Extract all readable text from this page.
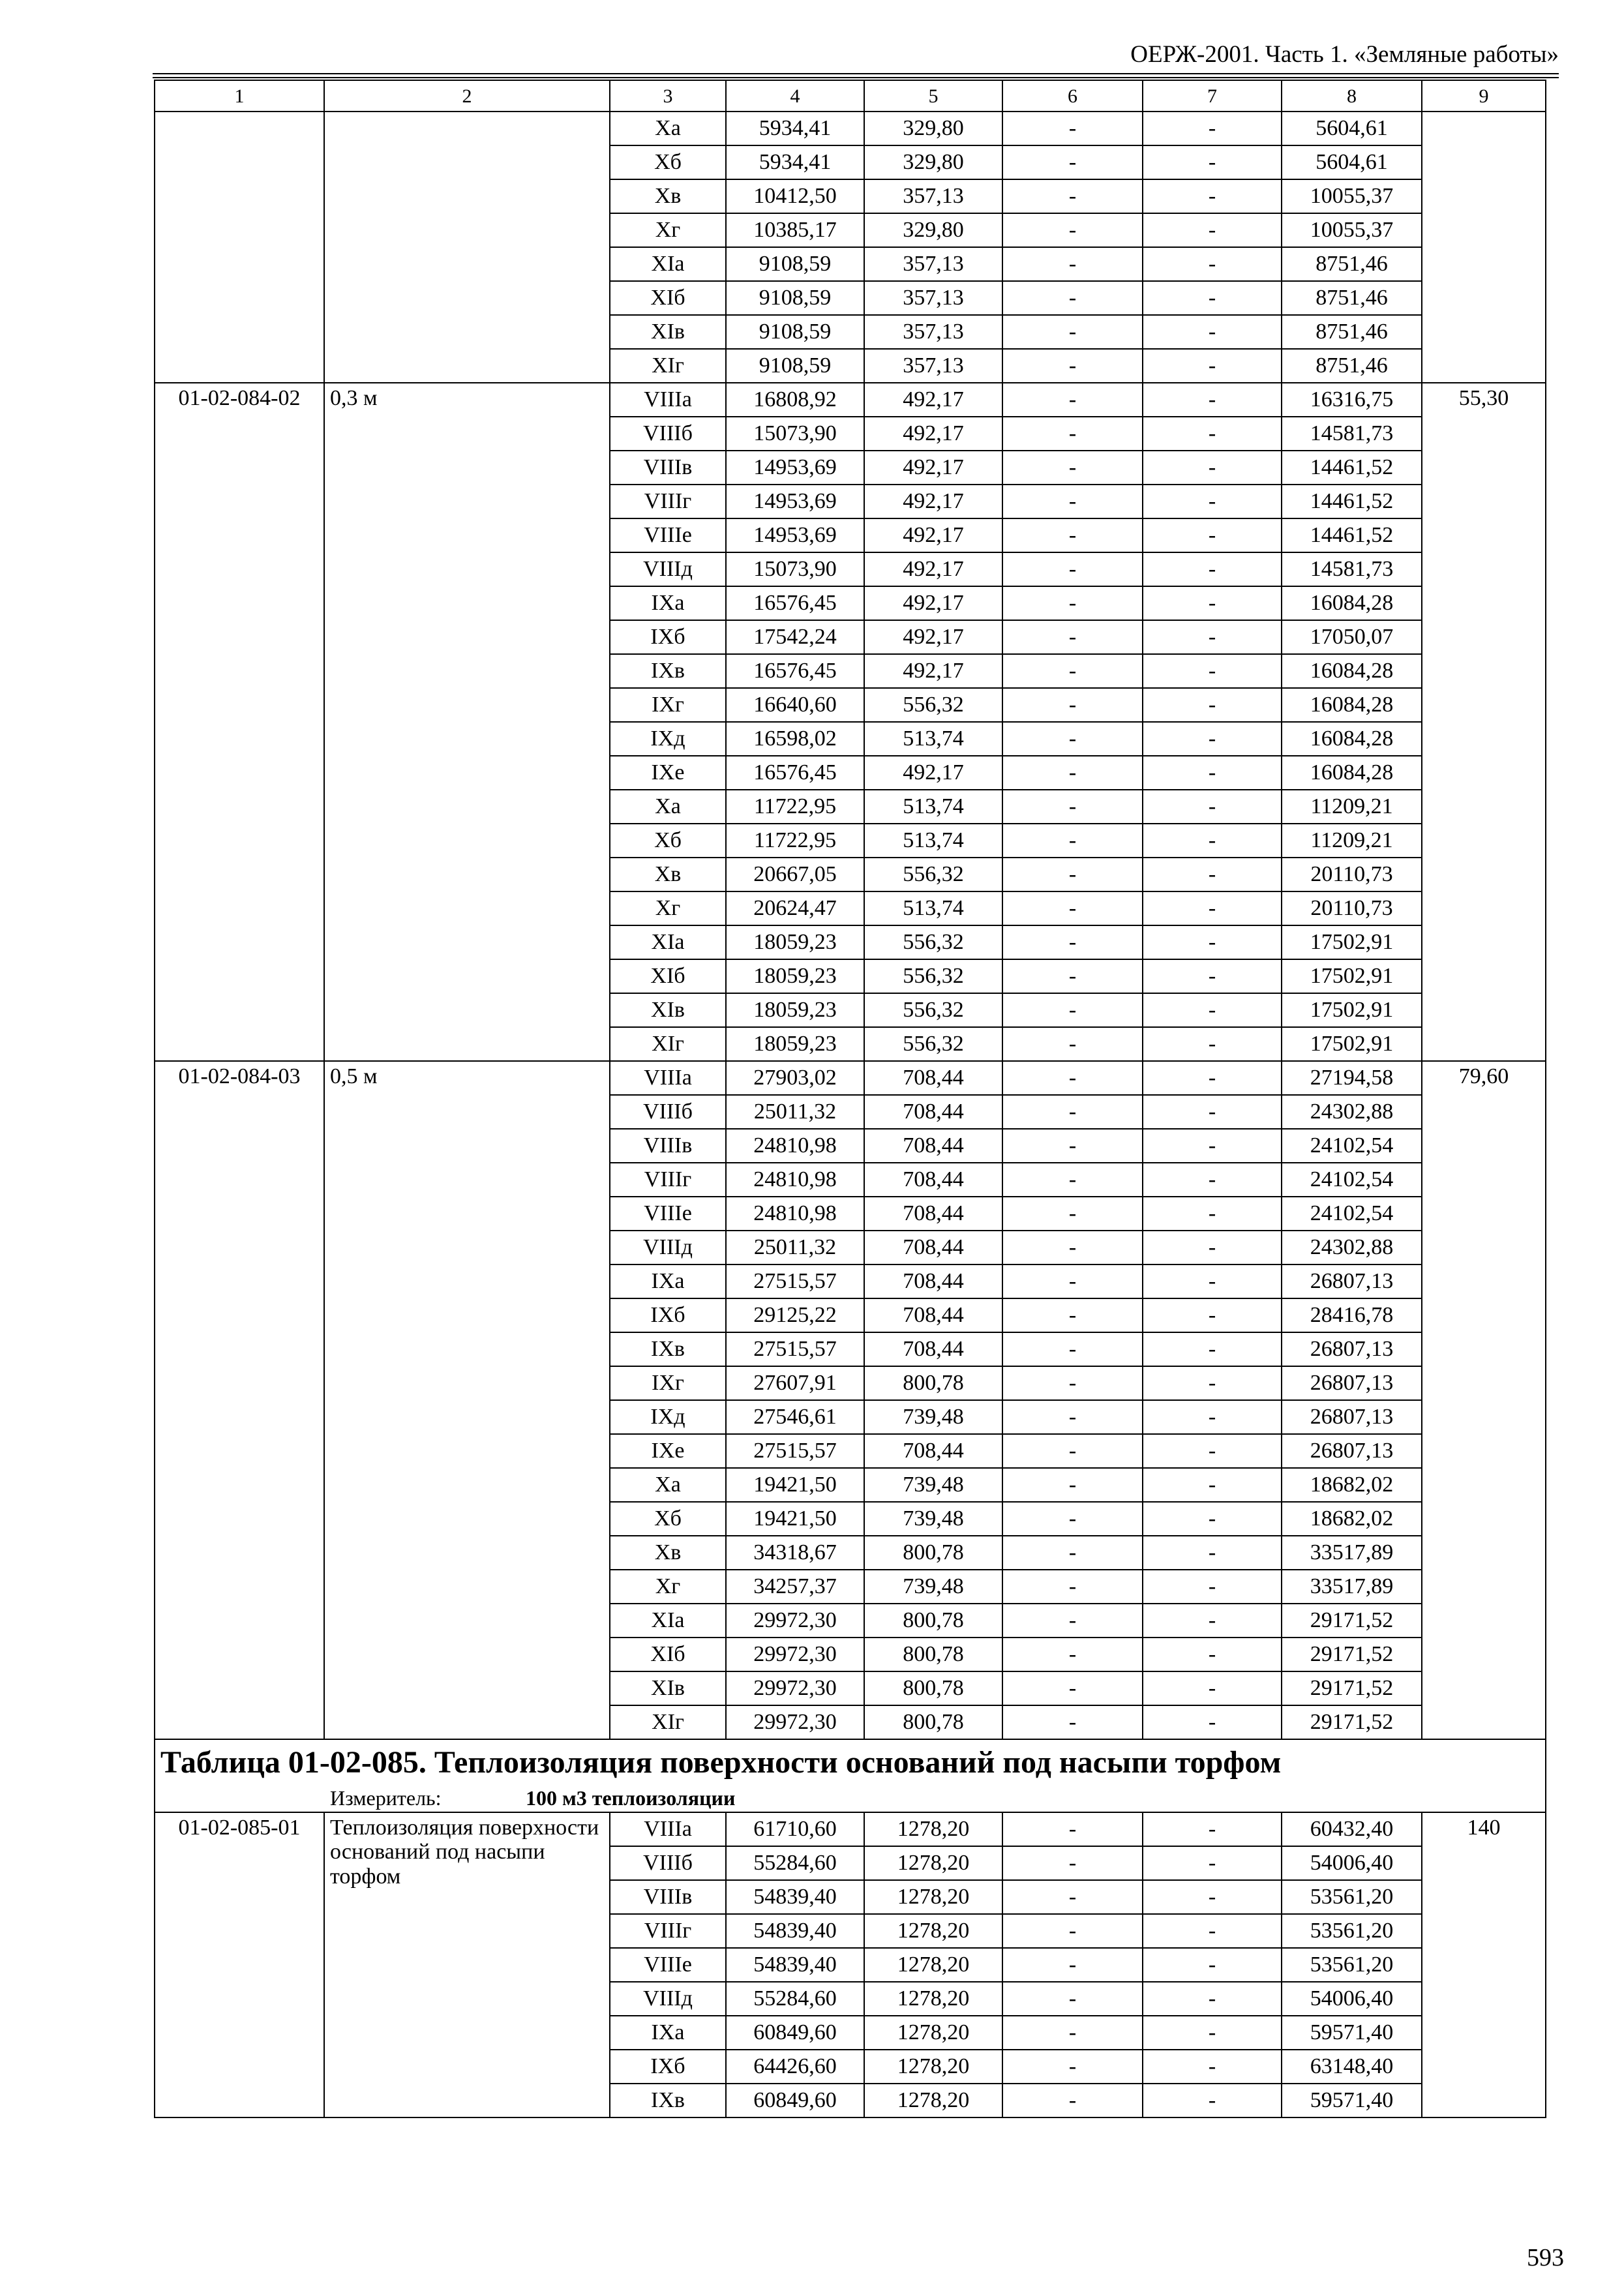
ОЕРЖ-2001. Часть 1. «Земляные работы»
1	2	3	4	5	6	7	8	9
		Xa	5934,41	329,80	-	-	5604,61	
		Xб	5934,41	329,80	-	-	5604,61	
		Xв	10412,50	357,13	-	-	10055,37	
		Xг	10385,17	329,80	-	-	10055,37	
		XIa	9108,59	357,13	-	-	8751,46	
		XIб	9108,59	357,13	-	-	8751,46	
		XIв	9108,59	357,13	-	-	8751,46	
		XIг	9108,59	357,13	-	-	8751,46	
01-02-084-02	0,3 м	VIIIa	16808,92	492,17	-	-	16316,75	55,30
		VIIIб	15073,90	492,17	-	-	14581,73	
		VIIIв	14953,69	492,17	-	-	14461,52	
		VIIIг	14953,69	492,17	-	-	14461,52	
		VIIIе	14953,69	492,17	-	-	14461,52	
		VIIIд	15073,90	492,17	-	-	14581,73	
		IXa	16576,45	492,17	-	-	16084,28	
		IXб	17542,24	492,17	-	-	17050,07	
		IXв	16576,45	492,17	-	-	16084,28	
		IXг	16640,60	556,32	-	-	16084,28	
		IXд	16598,02	513,74	-	-	16084,28	
		IXе	16576,45	492,17	-	-	16084,28	
		Xa	11722,95	513,74	-	-	11209,21	
		Xб	11722,95	513,74	-	-	11209,21	
		Xв	20667,05	556,32	-	-	20110,73	
		Xг	20624,47	513,74	-	-	20110,73	
		XIa	18059,23	556,32	-	-	17502,91	
		XIб	18059,23	556,32	-	-	17502,91	
		XIв	18059,23	556,32	-	-	17502,91	
		XIг	18059,23	556,32	-	-	17502,91	
01-02-084-03	0,5 м	VIIIa	27903,02	708,44	-	-	27194,58	79,60
		VIIIб	25011,32	708,44	-	-	24302,88	
		VIIIв	24810,98	708,44	-	-	24102,54	
		VIIIг	24810,98	708,44	-	-	24102,54	
		VIIIе	24810,98	708,44	-	-	24102,54	
		VIIIд	25011,32	708,44	-	-	24302,88	
		IXa	27515,57	708,44	-	-	26807,13	
		IXб	29125,22	708,44	-	-	28416,78	
		IXв	27515,57	708,44	-	-	26807,13	
		IXг	27607,91	800,78	-	-	26807,13	
		IXд	27546,61	739,48	-	-	26807,13	
		IXе	27515,57	708,44	-	-	26807,13	
		Xa	19421,50	739,48	-	-	18682,02	
		Xб	19421,50	739,48	-	-	18682,02	
		Xв	34318,67	800,78	-	-	33517,89	
		Xг	34257,37	739,48	-	-	33517,89	
		XIa	29972,30	800,78	-	-	29171,52	
		XIб	29972,30	800,78	-	-	29171,52	
		XIв	29972,30	800,78	-	-	29171,52	
		XIг	29972,30	800,78	-	-	29171,52	
Таблица 01-02-085. Теплоизоляция поверхности оснований под насыпи торфом								
Измеритель: 100 м3 теплоизоляции								
01-02-085-01	Теплоизоляция поверхности оснований под насыпи торфом	VIIIa	61710,60	1278,20	-	-	60432,40	140
		VIIIб	55284,60	1278,20	-	-	54006,40	
		VIIIв	54839,40	1278,20	-	-	53561,20	
		VIIIг	54839,40	1278,20	-	-	53561,20	
		VIIIе	54839,40	1278,20	-	-	53561,20	
		VIIIд	55284,60	1278,20	-	-	54006,40	
		IXa	60849,60	1278,20	-	-	59571,40	
		IXб	64426,60	1278,20	-	-	63148,40	
		IXв	60849,60	1278,20	-	-	59571,40	
593
